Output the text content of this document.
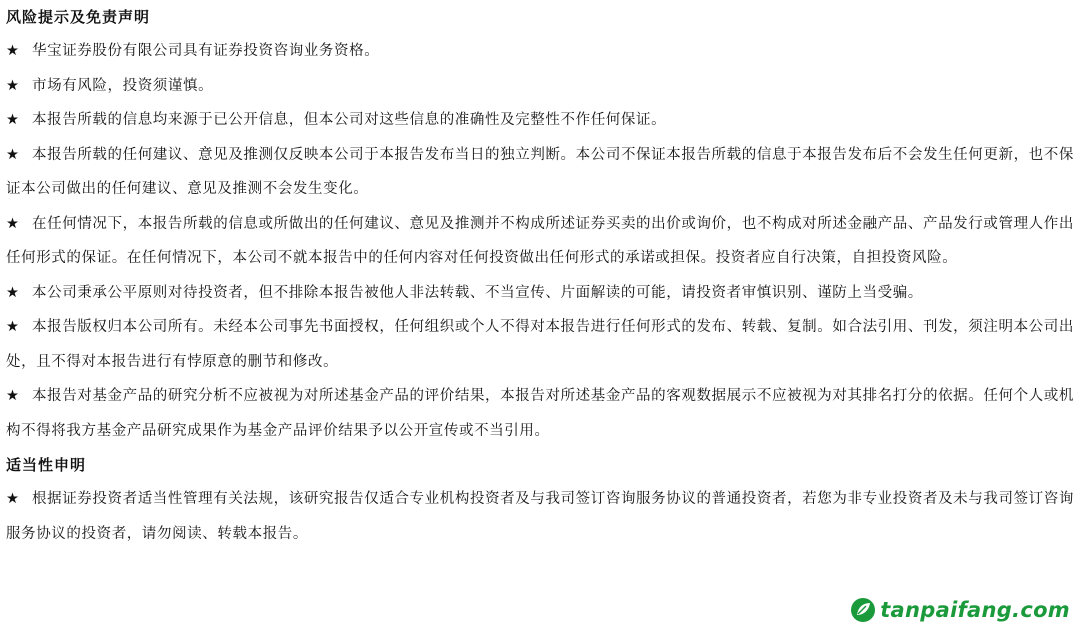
风险提示及免责声明
★ 华宝证券股份有限公司具有证券投资咨询业务资格。
★ 市场有风险，投资须谨慎。
★ 本报告所载的信息均来源于已公开信息，但本公司对这些信息的准确性及完整性不作任何保证。
★ 本报告所载的任何建议、意见及推测仅反映本公司于本报告发布当日的独立判断。本公司不保证本报告所载的信息于本报告发布后不会发生任何更新，也不保证本公司做出的任何建议、意见及推测不会发生变化。
★ 在任何情况下，本报告所载的信息或所做出的任何建议、意见及推测并不构成所述证券买卖的出价或询价，也不构成对所述金融产品、产品发行或管理人作出任何形式的保证。在任何情况下，本公司不就本报告中的任何内容对任何投资做出任何形式的承诺或担保。投资者应自行决策，自担投资风险。
★ 本公司秉承公平原则对待投资者，但不排除本报告被他人非法转载、不当宣传、片面解读的可能，请投资者审慎识别、谨防上当受骗。
★ 本报告版权归本公司所有。未经本公司事先书面授权，任何组织或个人不得对本报告进行任何形式的发布、转载、复制。如合法引用、刊发，须注明本公司出处，且不得对本报告进行有悖原意的删节和修改。
★ 本报告对基金产品的研究分析不应被视为对所述基金产品的评价结果，本报告对所述基金产品的客观数据展示不应被视为对其排名打分的依据。任何个人或机构不得将我方基金产品研究成果作为基金产品评价结果予以公开宣传或不当引用。
适当性申明
★ 根据证券投资者适当性管理有关法规，该研究报告仅适合专业机构投资者及与我司签订咨询服务协议的普通投资者，若您为非专业投资者及未与我司签订咨询服务协议的投资者，请勿阅读、转载本报告。
tanpaifang.com
